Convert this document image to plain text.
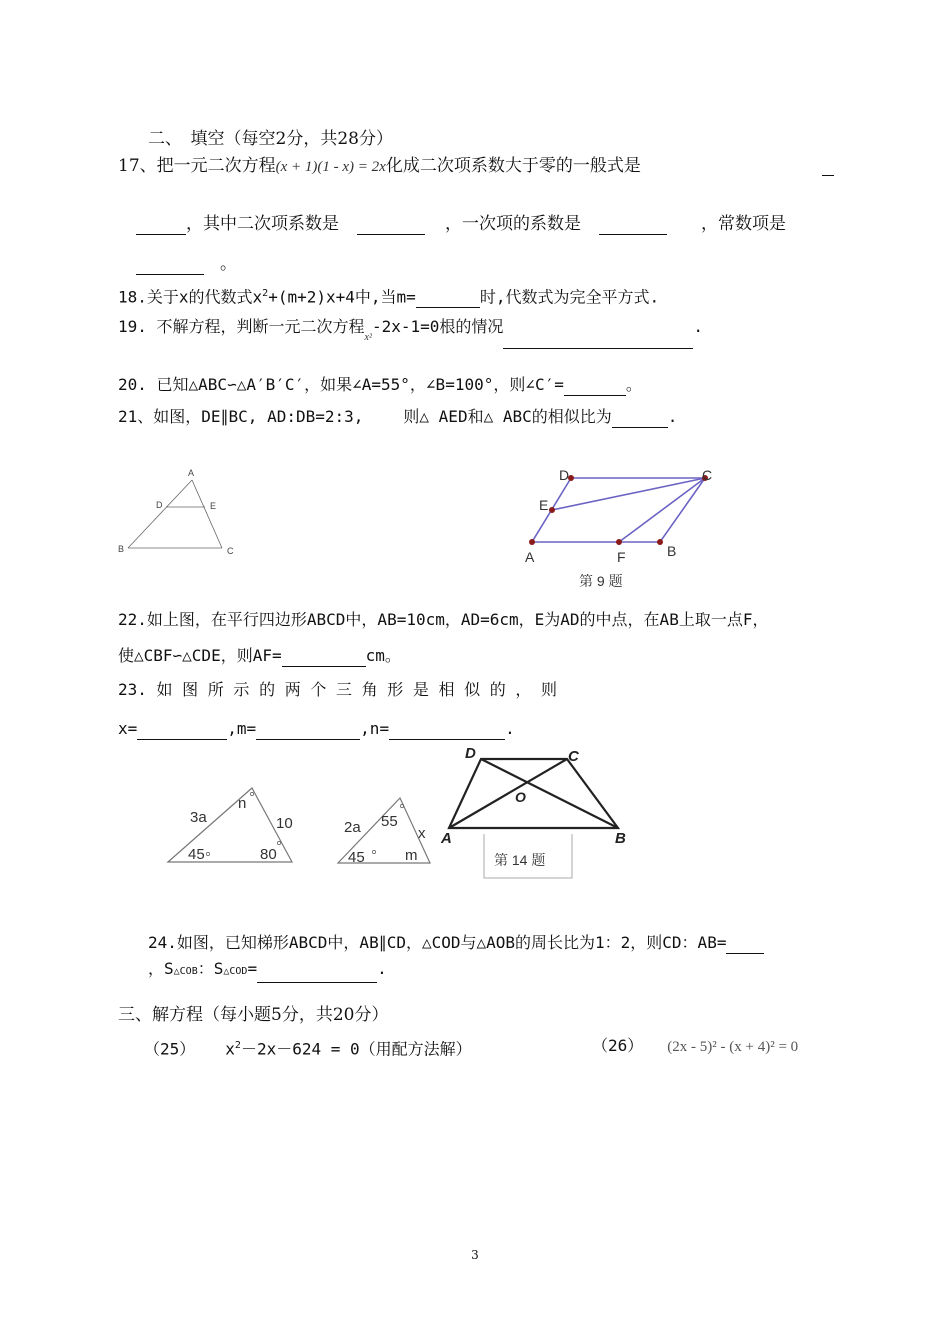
二、　填空（每空2分，共28分）
17、把一元二次方程(x + 1)(1 - x) = 2x化成二次项系数大于零的一般式是
，其中二次项系数是	，一次项的系数是	，常数项是
。
18.关于x的代数式$x^2+(m+2)x+4$中,当m=	时,代数式为完全平方式.
19. 不解方程，判断一元二次方程$_{x^2}$-2x-1=0根的情况	.
20. 已知△ABC∽△A′B′C′，如果∠A=55°，∠B=100°，则∠C′=	。
21、如图，DE∥BC, AD:DB=2:3,	则△ AED和△ ABC的相似比为	.
A
D	E
B	C
D	C
E
A	F	B
第 9 题
22.如上图，在平行四边形ABCD中，AB=10cm，AD=6cm，E为AD的中点，在AB上取一点F，
使△CBF∽△CDE，则AF=	cm。
23. 如 图 所 示 的 两 个 三 角 形 是 相 似 的 ， 则
x=	,m=	,n=	.
3a
n
10
45	80
2a 55
x
45	m
D	C
O
A	B
第 14 题
24.如图，已知梯形ABCD中，AB∥CD，△COD与△AOB的周长比为1：2，则CD：AB=
，S△COB：S△COD=	.
三、解方程（每小题5分，共20分）
（25） $x^2-2x-624 = 0$（用配方法解）	（26） (2x - 5)² - (x + 4)² = 0
3
